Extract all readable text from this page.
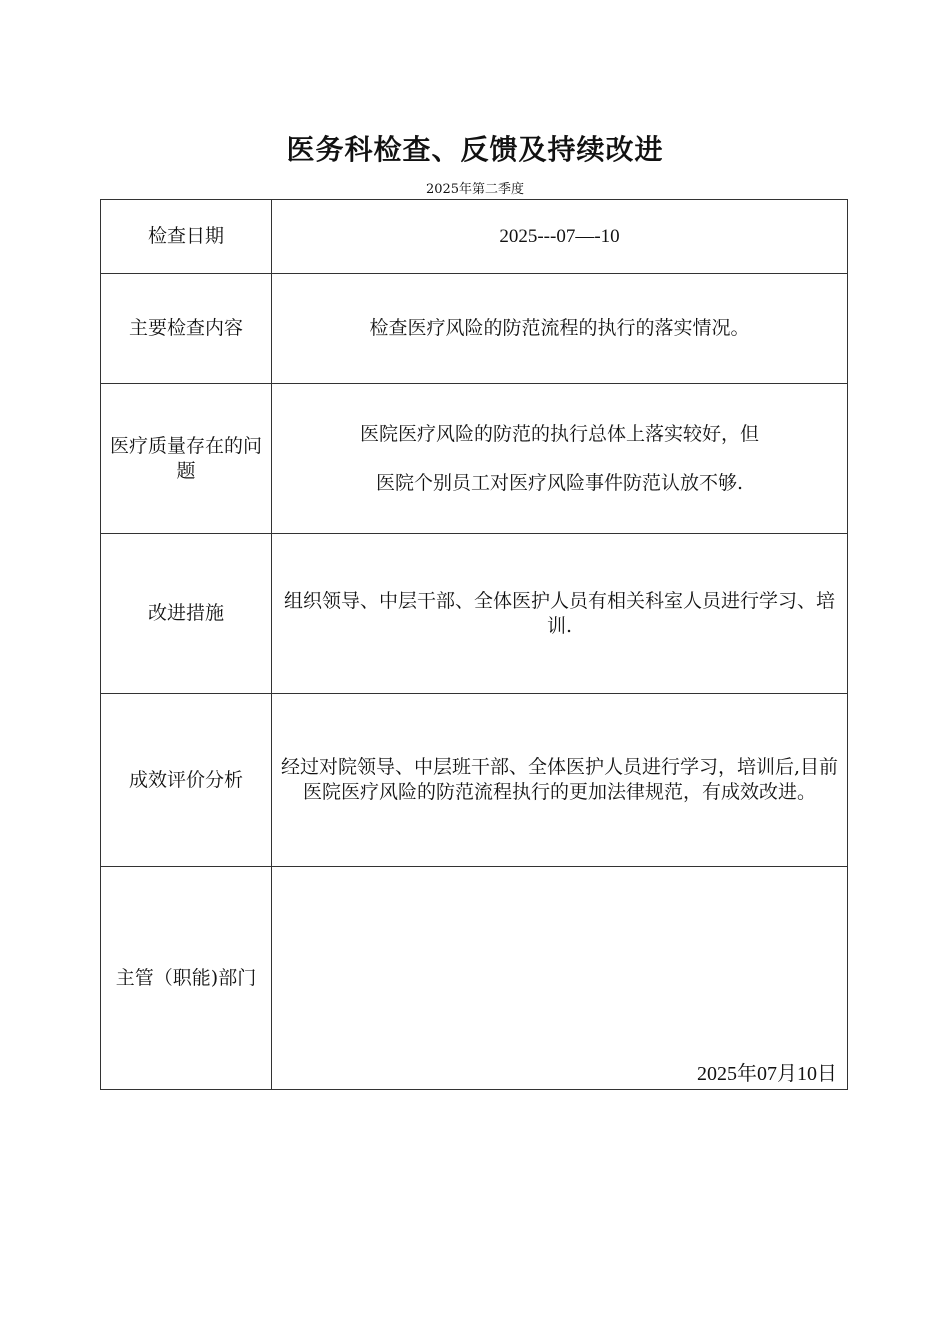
医务科检查、反馈及持续改进
2025年第二季度
检查日期	2025---07—-10
主要检查内容	检查医疗风险的防范流程的执行的落实情况。
医疗质量存在的问题	医院医疗风险的防范的执行总体上落实较好，但

医院个别员工对医疗风险事件防范认放不够.

改进措施	组织领导、中层干部、全体医护人员有相关科室人员进行学习、培训.
成效评价分析	经过对院领导、中层班干部、全体医护人员进行学习，培训后,目前医院医疗风险的防范流程执行的更加法律规范，有成效改进。
主管（职能)部门	2025年07月10日
